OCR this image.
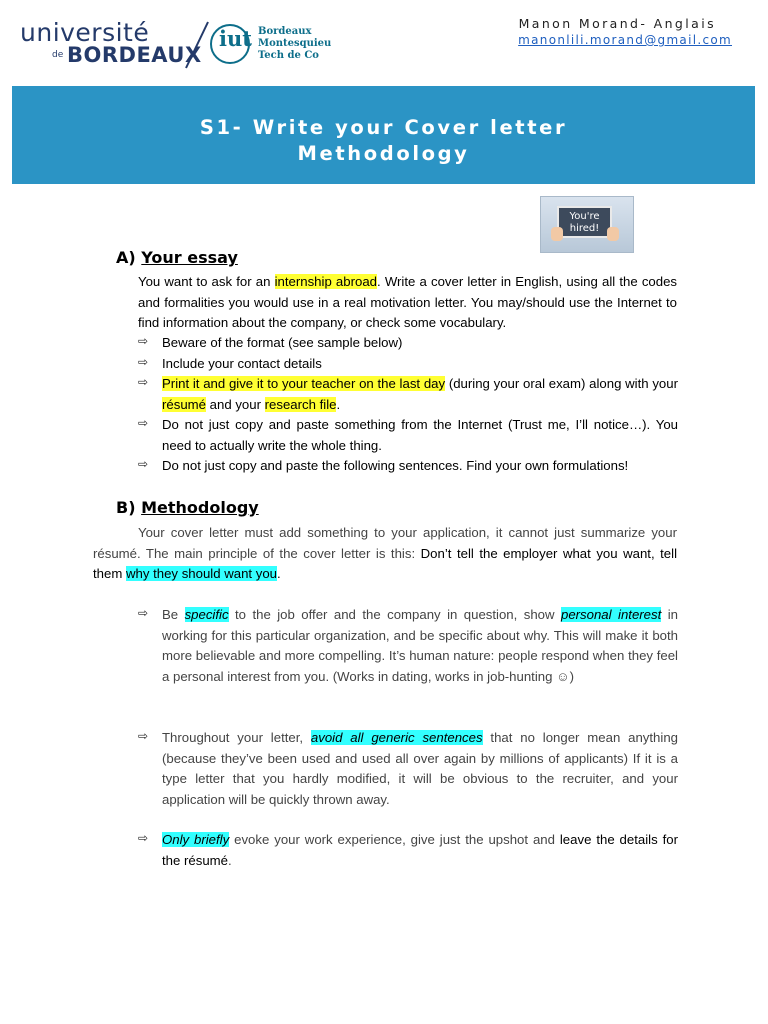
université
de BORDEAUX
iut Bordeaux
Montesquieu
Tech de Co
Manon Morand- Anglais
manonlili.morand@gmail.com
S1- Write your Cover letter
Methodology
You're
hired!
A) Your essay
You want to ask for an internship abroad. Write a cover letter in English, using all the codes and formalities you would use in a real motivation letter. You may/should use the Internet to find information about the company, or check some vocabulary.
⇨ Beware of the format (see sample below)
⇨ Include your contact details
⇨ Print it and give it to your teacher on the last day (during your oral exam) along with your résumé and your research file.
⇨ Do not just copy and paste something from the Internet (Trust me, I’ll notice…). You need to actually write the whole thing.
⇨ Do not just copy and paste the following sentences. Find your own formulations!
B) Methodology
Your cover letter must add something to your application, it cannot just summarize your résumé. The main principle of the cover letter is this: Don’t tell the employer what you want, tell them why they should want you.
⇨ Be specific to the job offer and the company in question, show personal interest in working for this particular organization, and be specific about why. This will make it both more believable and more compelling. It’s human nature: people respond when they feel a personal interest from you. (Works in dating, works in job-hunting ☺)
⇨ Throughout your letter, avoid all generic sentences that no longer mean anything (because they’ve been used and used all over again by millions of applicants) If it is a type letter that you hardly modified, it will be obvious to the recruiter, and your application will be quickly thrown away.
⇨ Only briefly evoke your work experience, give just the upshot and leave the details for the résumé.
